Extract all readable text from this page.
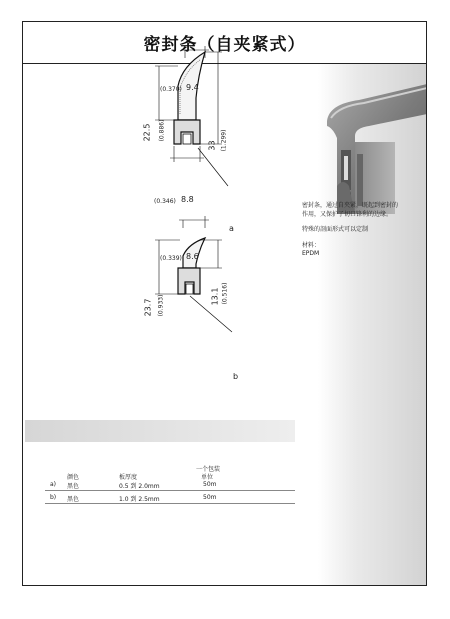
密封条（自夹紧式）
(0.370) 9.4
22.5 (0.886)
33 (1.299)
(0.346) 8.8
a
(0.339) 8.6
23.7 (0.933)	13.1 (0.516)
b

密封条，通过自夹紧，既起到密封的作用，又保护了切口锋利的边缘。

特殊的剖面形式可以定制

材料：

EPDM

颜色	板厚度
一个包装
单位
a) 黑色	0.5 到 2.0mm	50m
b) 黑色	1.0 到 2.5mm	50m
